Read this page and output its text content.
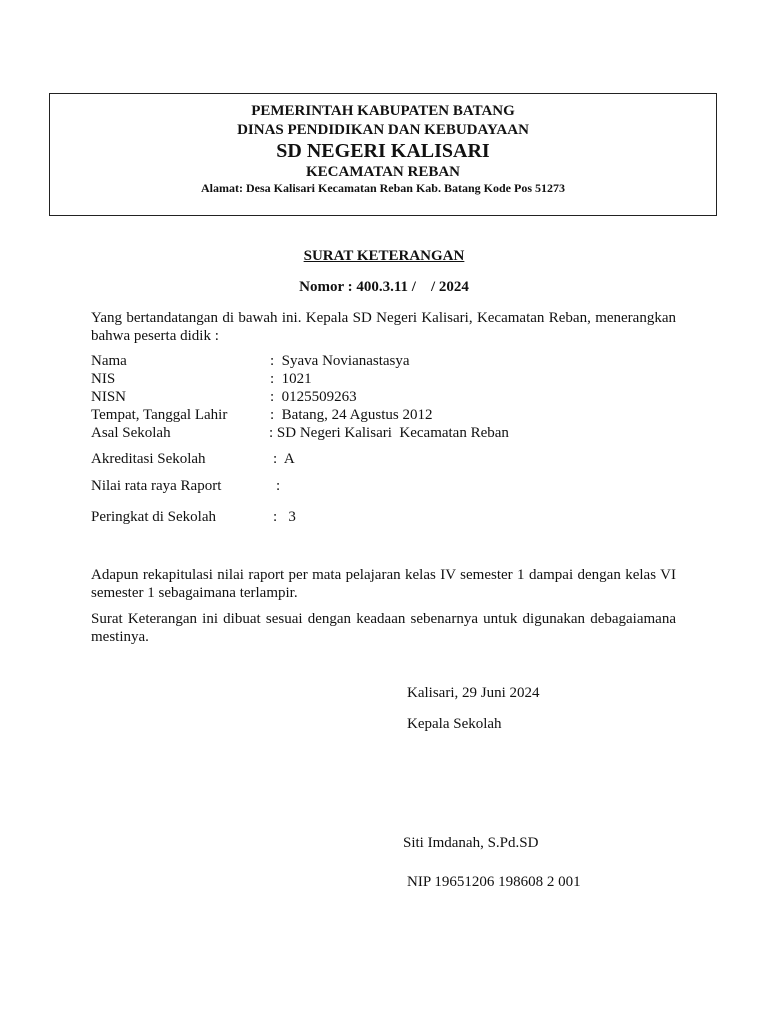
PEMERINTAH KABUPATEN BATANG
DINAS PENDIDIKAN DAN KEBUDAYAAN
SD NEGERI KALISARI
KECAMATAN REBAN
Alamat: Desa Kalisari Kecamatan Reban Kab. Batang Kode Pos 51273
SURAT KETERANGAN
Nomor : 400.3.11 /    / 2024
Yang bertandatangan di bawah ini. Kepala SD Negeri Kalisari, Kecamatan Reban, menerangkan bahwa peserta didik :
Nama	:  Syava Novianastasya
NIS	:  1021
NISN	:  0125509263
Tempat, Tanggal Lahir	:  Batang, 24 Agustus 2012
Asal Sekolah	: SD Negeri Kalisari  Kecamatan Reban
Akreditasi Sekolah	:  A
Nilai rata raya Raport	:
Peringkat di Sekolah	:   3
Adapun rekapitulasi nilai raport per mata pelajaran kelas IV semester 1 dampai dengan kelas VI semester 1 sebagaimana terlampir.
Surat Keterangan ini dibuat sesuai dengan keadaan sebenarnya untuk digunakan debagaiamana mestinya.
Kalisari, 29 Juni 2024
Kepala Sekolah
Siti Imdanah, S.Pd.SD
NIP 19651206 198608 2 001
